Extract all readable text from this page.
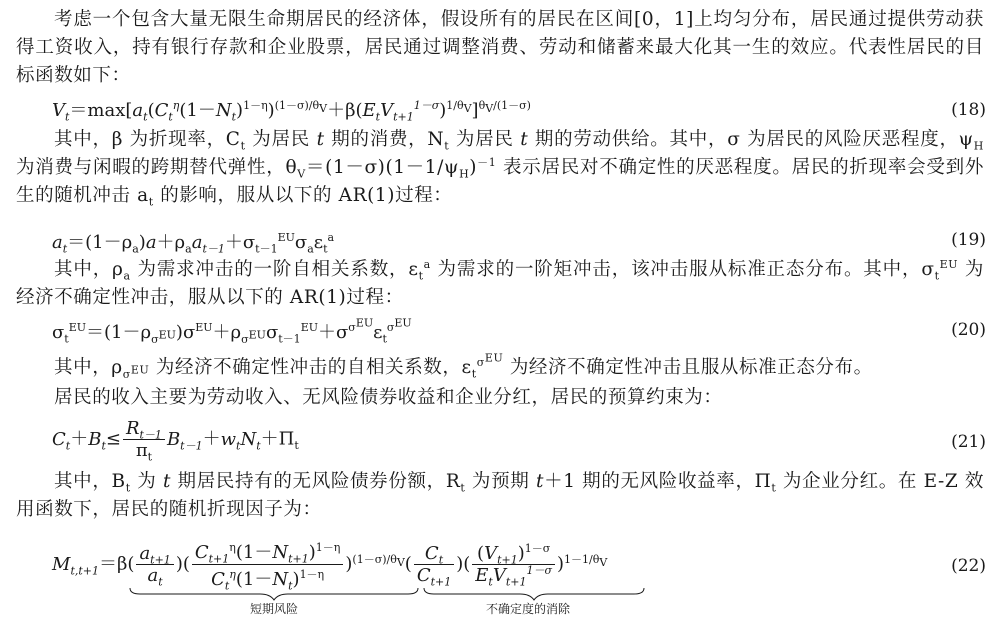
考虑一个包含大量无限生命期居民的经济体，假设所有的居民在区间[0，1]上均匀分布，居民通过提供劳动获得工资收入，持有银行存款和企业股票，居民通过调整消费、劳动和储蓄来最大化其一生的效应。代表性居民的目标函数如下：
$V_t=\max[a_t(C_t^\eta(1-N_t)^{1-\eta})^{(1-\sigma)/\theta_V}+\beta(E_tV_{t+1}^{1-\sigma})^{1/\theta_V}]^{\theta_V/(1-\sigma)}$	(18)
其中，β 为折现率，$C_t$ 为居民 t 期的消费，$N_t$ 为居民 t 期的劳动供给。其中，σ 为居民的风险厌恶程度，$\psi_H$ 为消费与闲暇的跨期替代弹性，$\theta_V=(1-\sigma)(1-1/\psi_H)^{-1}$ 表示居民对不确定性的厌恶程度。居民的折现率会受到外生的随机冲击 $a_t$ 的影响，服从以下的 AR(1)过程：
$a_t=(1-\rho_a)a+\rho_aa_{t-1}+\sigma_{t-1}^{EU}\sigma_a\varepsilon_t^a$	(19)
其中，$\rho_a$ 为需求冲击的一阶自相关系数，$\varepsilon_t^a$ 为需求的一阶矩冲击，该冲击服从标准正态分布。其中，$\sigma_t^{EU}$ 为经济不确定性冲击，服从以下的 AR(1)过程：
$\sigma_t^{EU}=(1-\rho_{\sigma^{EU}})\sigma^{EU}+\rho_{\sigma^{EU}}\sigma_{t-1}^{EU}+\sigma^{\sigma^{EU}}\varepsilon_t^{\sigma^{EU}}$	(20)
其中，$\rho_{\sigma^{EU}}$ 为经济不确定性冲击的自相关系数，$\varepsilon_t^{\sigma^{EU}}$ 为经济不确定性冲击且服从标准正态分布。
居民的收入主要为劳动收入、无风险债券收益和企业分红，居民的预算约束为：
$C_t+B_t\le \frac{R_{t-1}}{\pi_t} B_{t-1}+w_tN_t+\Pi_t$	(21)
其中，$B_t$ 为 t 期居民持有的无风险债券份额，$R_t$ 为预期 t＋1 期的无风险收益率，$\Pi_t$ 为企业分红。在 E-Z 效用函数下，居民的随机折现因子为：
$M_{t,t+1}=\beta( \frac{a_{t+1}}{a_t}$ )( $\frac{C_{t+1}^\eta(1-N_{t+1})^{1-\eta}}{C_t^\eta(1-N_t)^{1-\eta}} )^{(1-\sigma)/\theta_V}( \frac{C_t}{C_{t+1}}$ )( $\frac{(V_{t+1})^{1-\sigma}}{E_tV_{t+1}^{1-\sigma}} )^{1-1/\theta_V}$	(22)
短期风险	不确定度的消除
